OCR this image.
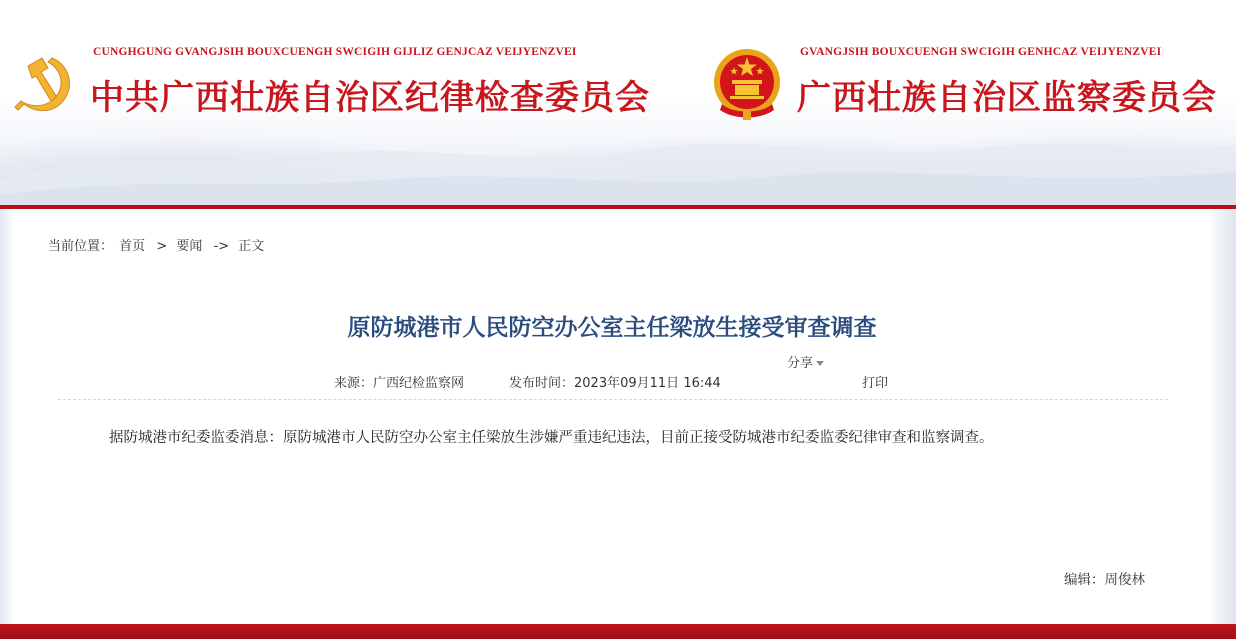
CUNGHGUNG GVANGJSIH BOUXCUENGH SWCIGIH GIJLIZ GENJCAZ VEIJYENZVEI
中共广西壮族自治区纪律检查委员会
GVANGJSIH BOUXCUENGH SWCIGIH GENHCAZ VEIJYENZVEI
广西壮族自治区监察委员会
当前位置： 首页 > 要闻 -> 正文
原防城港市人民防空办公室主任梁放生接受审查调查
分享
来源：广西纪检监察网	发布时间：2023年09月11日 16:44	打印
据防城港市纪委监委消息：原防城港市人民防空办公室主任梁放生涉嫌严重违纪违法，目前正接受防城港市纪委监委纪律审查和监察调查。
编辑：周俊林
